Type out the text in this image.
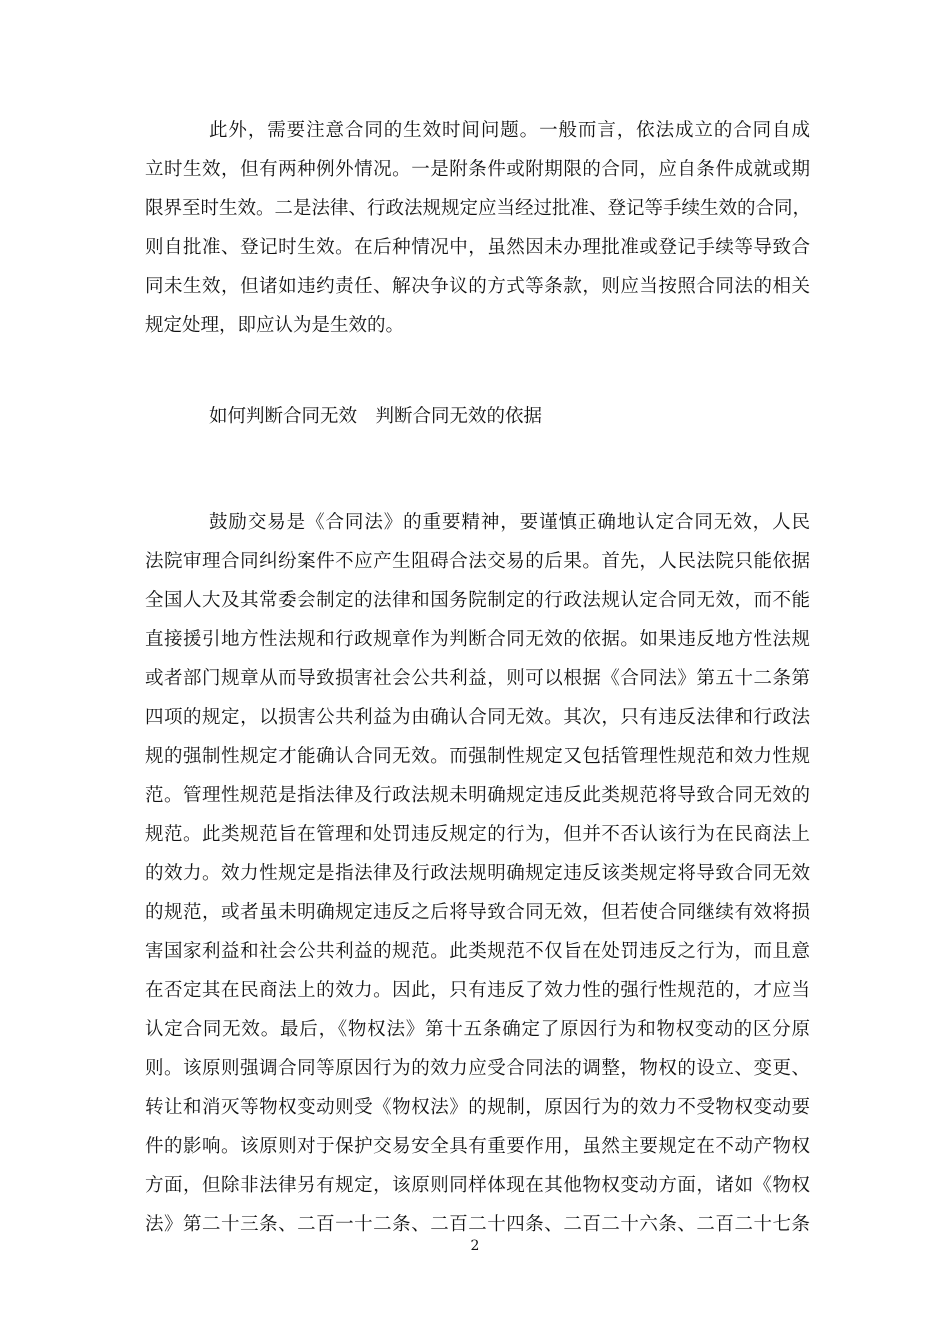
此外，需要注意合同的生效时间问题。一般而言，依法成立的合同自成
立时生效，但有两种例外情况。一是附条件或附期限的合同，应自条件成就或期
限界至时生效。二是法律、行政法规规定应当经过批准、登记等手续生效的合同，
则自批准、登记时生效。在后种情况中，虽然因未办理批准或登记手续等导致合
同未生效，但诸如违约责任、解决争议的方式等条款，则应当按照合同法的相关
规定处理，即应认为是生效的。
如何判断合同无效　判断合同无效的依据
鼓励交易是《合同法》的重要精神，要谨慎正确地认定合同无效，人民
法院审理合同纠纷案件不应产生阻碍合法交易的后果。首先，人民法院只能依据
全国人大及其常委会制定的法律和国务院制定的行政法规认定合同无效，而不能
直接援引地方性法规和行政规章作为判断合同无效的依据。如果违反地方性法规
或者部门规章从而导致损害社会公共利益，则可以根据《合同法》第五十二条第
四项的规定，以损害公共利益为由确认合同无效。其次，只有违反法律和行政法
规的强制性规定才能确认合同无效。而强制性规定又包括管理性规范和效力性规
范。管理性规范是指法律及行政法规未明确规定违反此类规范将导致合同无效的
规范。此类规范旨在管理和处罚违反规定的行为，但并不否认该行为在民商法上
的效力。效力性规定是指法律及行政法规明确规定违反该类规定将导致合同无效
的规范，或者虽未明确规定违反之后将导致合同无效，但若使合同继续有效将损
害国家利益和社会公共利益的规范。此类规范不仅旨在处罚违反之行为，而且意
在否定其在民商法上的效力。因此，只有违反了效力性的强行性规范的，才应当
认定合同无效。最后，《物权法》第十五条确定了原因行为和物权变动的区分原
则。该原则强调合同等原因行为的效力应受合同法的调整，物权的设立、变更、
转让和消灭等物权变动则受《物权法》的规制，原因行为的效力不受物权变动要
件的影响。该原则对于保护交易安全具有重要作用，虽然主要规定在不动产物权
方面，但除非法律另有规定，该原则同样体现在其他物权变动方面，诸如《物权
法》第二十三条、二百一十二条、二百二十四条、二百二十六条、二百二十七条
2
